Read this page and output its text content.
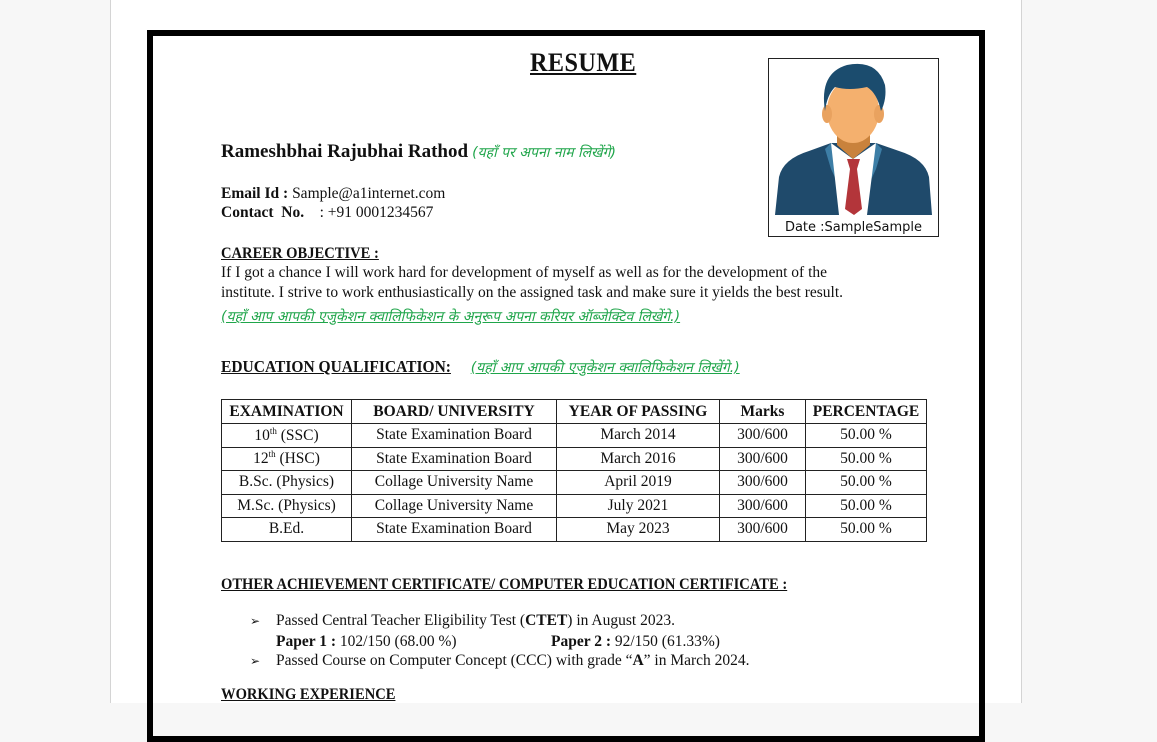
RESUME
Rameshbhai Rajubhai Rathod (यहाँ पर अपना नाम लिखेंगे)
Email Id : Sample@a1internet.com
Contact  No.    : +91 0001234567
Date :SampleSample
CAREER OBJECTIVE :
If I got a chance I will work hard for development of myself as well as for the development of the
institute. I strive to work enthusiastically on the assigned task and make sure it yields the best result.
(यहाँ आप आपकी एजुकेशन क्वालिफिकेशन के अनुरूप अपना करियर ऑब्जेक्टिव लिखेंगे.)
EDUCATION QUALIFICATION: (यहाँ आप आपकी एजुकेशन क्वालिफिकेशन लिखेंगे.)
EXAMINATION	BOARD/ UNIVERSITY	YEAR OF PASSING	Marks	PERCENTAGE
10th (SSC)	State Examination Board	March 2014	300/600	50.00 %
12th (HSC)	State Examination Board	March 2016	300/600	50.00 %
B.Sc. (Physics)	Collage University Name	April 2019	300/600	50.00 %
M.Sc. (Physics)	Collage University Name	July 2021	300/600	50.00 %
B.Ed.	State Examination Board	May 2023	300/600	50.00 %
OTHER ACHIEVEMENT CERTIFICATE/ COMPUTER EDUCATION CERTIFICATE :
➢	Passed Central Teacher Eligibility Test (CTET) in August 2023.
Paper 1 : 102/150 (68.00 %)	Paper 2 : 92/150 (61.33%)
➢	Passed Course on Computer Concept (CCC) with grade “A” in March 2024.
WORKING EXPERIENCE
